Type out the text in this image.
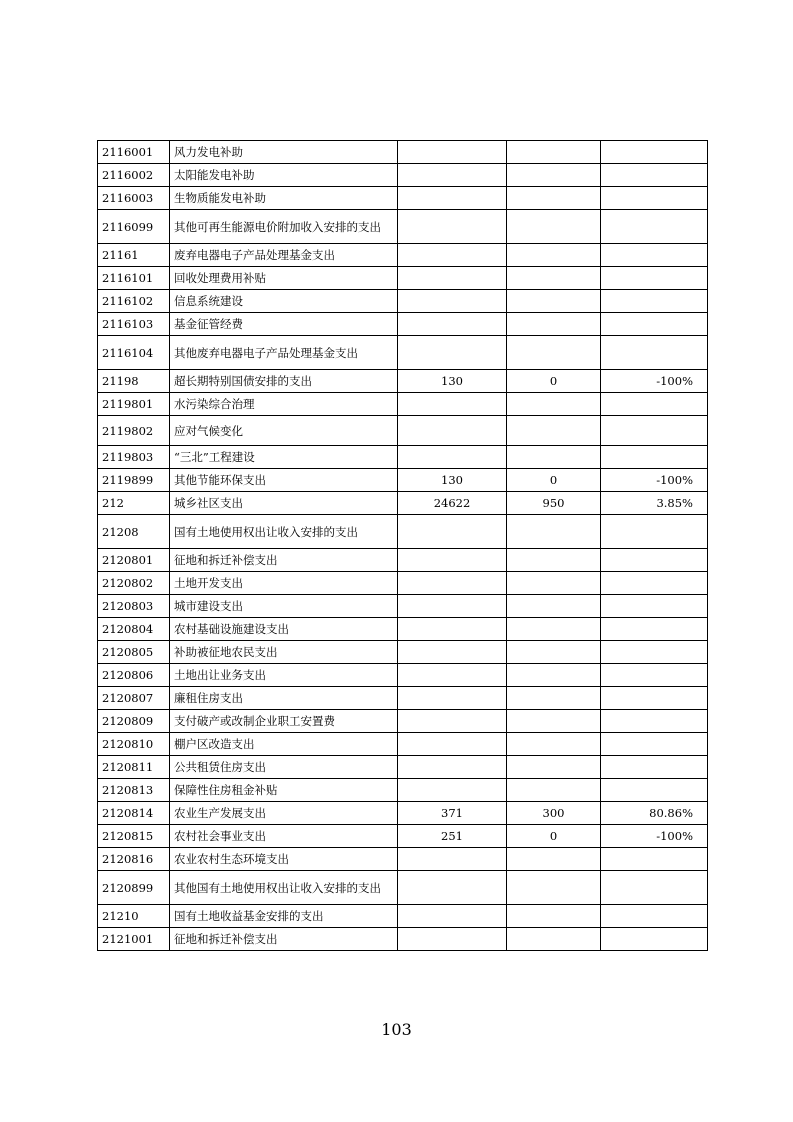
2116001	风力发电补助			
2116002	太阳能发电补助			
2116003	生物质能发电补助			
2116099	其他可再生能源电价附加收入安排的支出			
21161	废弃电器电子产品处理基金支出			
2116101	回收处理费用补贴			
2116102	信息系统建设			
2116103	基金征管经费			
2116104	其他废弃电器电子产品处理基金支出			
21198	超长期特别国债安排的支出	130	0	-100%
2119801	水污染综合治理			
2119802	应对气候变化			
2119803	“三北”工程建设			
2119899	其他节能环保支出	130	0	-100%
212	城乡社区支出	24622	950	3.85%
21208	国有土地使用权出让收入安排的支出			
2120801	征地和拆迁补偿支出			
2120802	土地开发支出			
2120803	城市建设支出			
2120804	农村基础设施建设支出			
2120805	补助被征地农民支出			
2120806	土地出让业务支出			
2120807	廉租住房支出			
2120809	支付破产或改制企业职工安置费			
2120810	棚户区改造支出			
2120811	公共租赁住房支出			
2120813	保障性住房租金补贴			
2120814	农业生产发展支出	371	300	80.86%
2120815	农村社会事业支出	251	0	-100%
2120816	农业农村生态环境支出			
2120899	其他国有土地使用权出让收入安排的支出			
21210	国有土地收益基金安排的支出			
2121001	征地和拆迁补偿支出			
103
